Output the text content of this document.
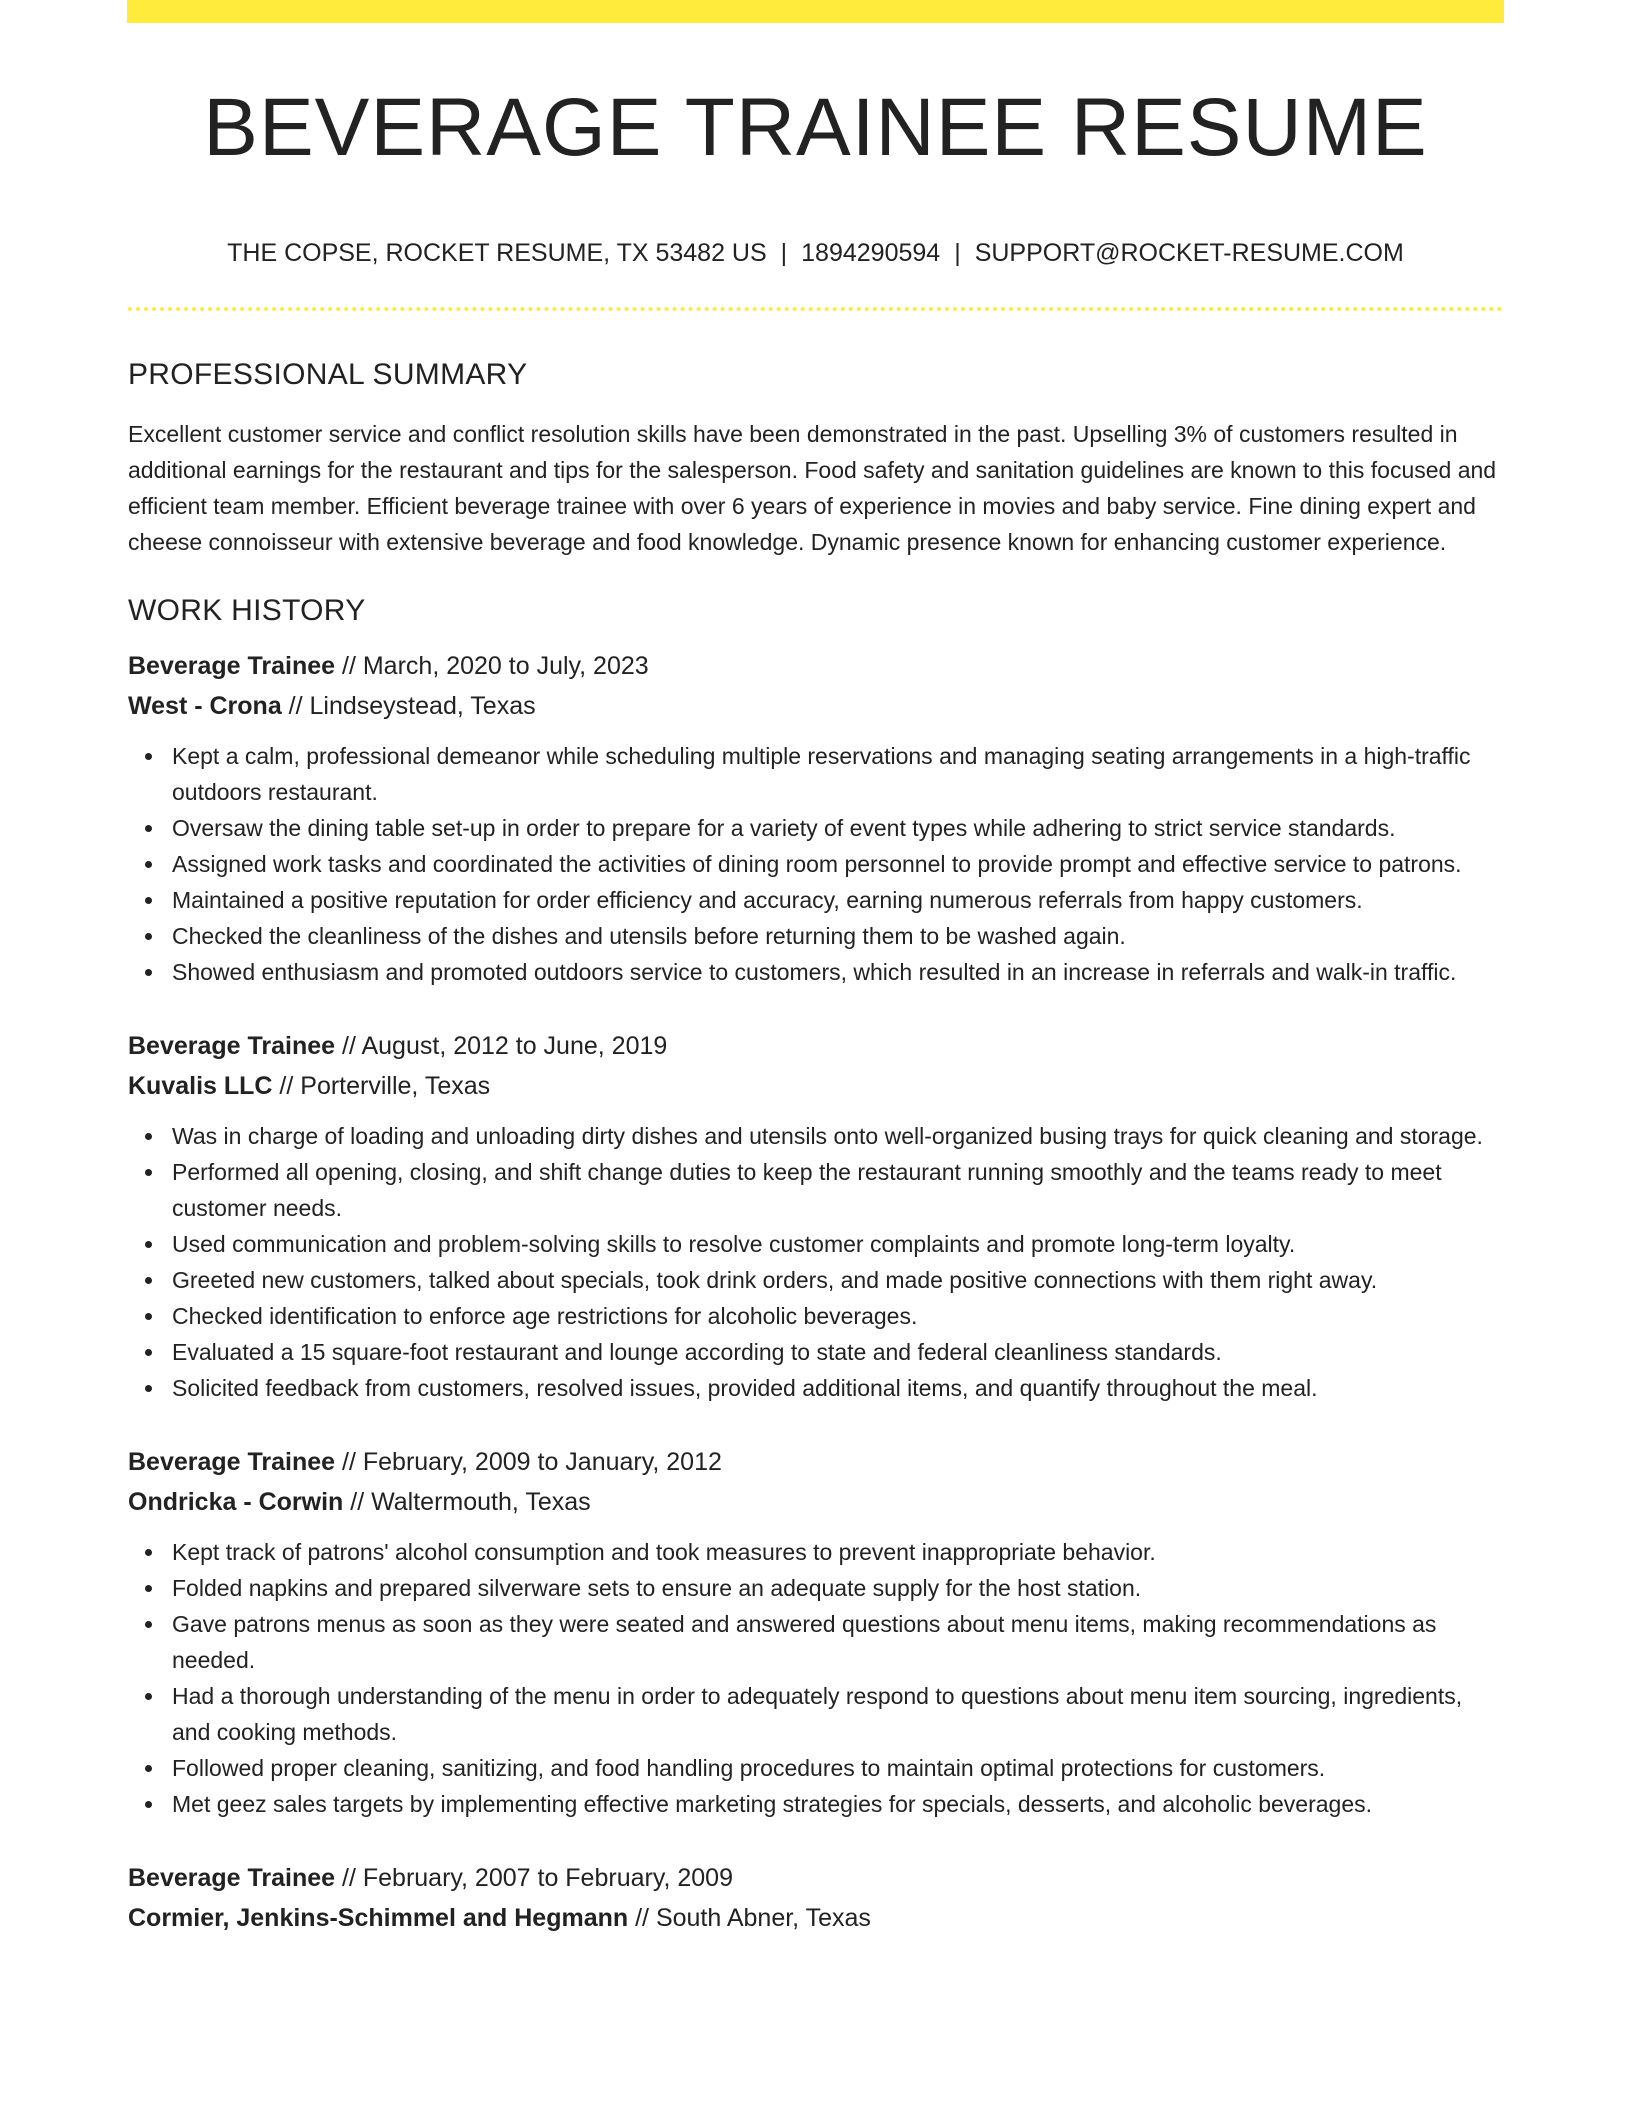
BEVERAGE TRAINEE RESUME
THE COPSE, ROCKET RESUME, TX 53482 US | 1894290594 | SUPPORT@ROCKET-RESUME.COM
PROFESSIONAL SUMMARY

Excellent customer service and conflict resolution skills have been demonstrated in the past. Upselling 3% of customers resulted in additional earnings for the restaurant and tips for the salesperson. Food safety and sanitation guidelines are known to this focused and efficient team member. Efficient beverage trainee with over 6 years of experience in movies and baby service. Fine dining expert and cheese connoisseur with extensive beverage and food knowledge. Dynamic presence known for enhancing customer experience.

WORK HISTORY
Beverage Trainee // March, 2020 to July, 2023
West - Crona // Lindseystead, Texas
Kept a calm, professional demeanor while scheduling multiple reservations and managing seating arrangements in a high-traffic outdoors restaurant.
Oversaw the dining table set-up in order to prepare for a variety of event types while adhering to strict service standards.
Assigned work tasks and coordinated the activities of dining room personnel to provide prompt and effective service to patrons.
Maintained a positive reputation for order efficiency and accuracy, earning numerous referrals from happy customers.
Checked the cleanliness of the dishes and utensils before returning them to be washed again.
Showed enthusiasm and promoted outdoors service to customers, which resulted in an increase in referrals and walk-in traffic.
Beverage Trainee // August, 2012 to June, 2019
Kuvalis LLC // Porterville, Texas
Was in charge of loading and unloading dirty dishes and utensils onto well-organized busing trays for quick cleaning and storage.
Performed all opening, closing, and shift change duties to keep the restaurant running smoothly and the teams ready to meet customer needs.
Used communication and problem-solving skills to resolve customer complaints and promote long-term loyalty.
Greeted new customers, talked about specials, took drink orders, and made positive connections with them right away.
Checked identification to enforce age restrictions for alcoholic beverages.
Evaluated a 15 square-foot restaurant and lounge according to state and federal cleanliness standards.
Solicited feedback from customers, resolved issues, provided additional items, and quantify throughout the meal.
Beverage Trainee // February, 2009 to January, 2012
Ondricka - Corwin // Waltermouth, Texas
Kept track of patrons' alcohol consumption and took measures to prevent inappropriate behavior.
Folded napkins and prepared silverware sets to ensure an adequate supply for the host station.
Gave patrons menus as soon as they were seated and answered questions about menu items, making recommendations as needed.
Had a thorough understanding of the menu in order to adequately respond to questions about menu item sourcing, ingredients, and cooking methods.
Followed proper cleaning, sanitizing, and food handling procedures to maintain optimal protections for customers.
Met geez sales targets by implementing effective marketing strategies for specials, desserts, and alcoholic beverages.
Beverage Trainee // February, 2007 to February, 2009
Cormier, Jenkins-Schimmel and Hegmann // South Abner, Texas
